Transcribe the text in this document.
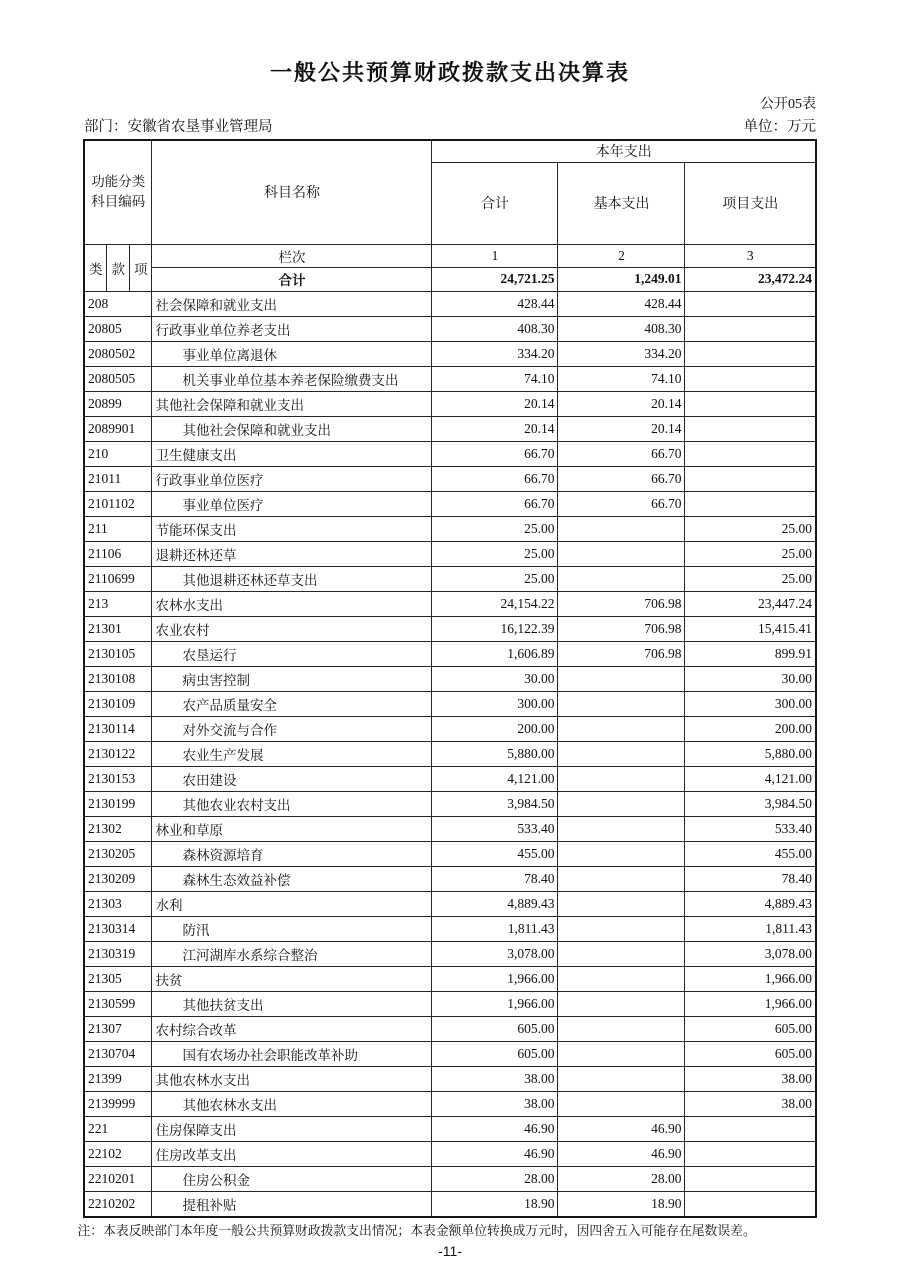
一般公共预算财政拨款支出决算表
公开05表
部门：安徽省农垦事业管理局	单位：万元
功能分类
科目编码	科目名称	本年支出		
		合计	基本支出	项目支出

类 款 项	栏次	1	2	3
	合计	24,721.25	1,249.01	23,472.24
208	社会保障和就业支出	428.44	428.44	
20805	行政事业单位养老支出	408.30	408.30	
2080502	事业单位离退休	334.20	334.20	
2080505	机关事业单位基本养老保险缴费支出	74.10	74.10	
20899	其他社会保障和就业支出	20.14	20.14	
2089901	其他社会保障和就业支出	20.14	20.14	
210	卫生健康支出	66.70	66.70	
21011	行政事业单位医疗	66.70	66.70	
2101102	事业单位医疗	66.70	66.70	
211	节能环保支出	25.00		25.00
21106	退耕还林还草	25.00		25.00
2110699	其他退耕还林还草支出	25.00		25.00
213	农林水支出	24,154.22	706.98	23,447.24
21301	农业农村	16,122.39	706.98	15,415.41
2130105	农垦运行	1,606.89	706.98	899.91
2130108	病虫害控制	30.00		30.00
2130109	农产品质量安全	300.00		300.00
2130114	对外交流与合作	200.00		200.00
2130122	农业生产发展	5,880.00		5,880.00
2130153	农田建设	4,121.00		4,121.00
2130199	其他农业农村支出	3,984.50		3,984.50
21302	林业和草原	533.40		533.40
2130205	森林资源培育	455.00		455.00
2130209	森林生态效益补偿	78.40		78.40
21303	水利	4,889.43		4,889.43
2130314	防汛	1,811.43		1,811.43
2130319	江河湖库水系综合整治	3,078.00		3,078.00
21305	扶贫	1,966.00		1,966.00
2130599	其他扶贫支出	1,966.00		1,966.00
21307	农村综合改革	605.00		605.00
2130704	国有农场办社会职能改革补助	605.00		605.00
21399	其他农林水支出	38.00		38.00
2139999	其他农林水支出	38.00		38.00
221	住房保障支出	46.90	46.90	
22102	住房改革支出	46.90	46.90	
2210201	住房公积金	28.00	28.00	
2210202	提租补贴	18.90	18.90	
注：本表反映部门本年度一般公共预算财政拨款支出情况；本表金额单位转换成万元时，因四舍五入可能存在尾数误差。
-11-
